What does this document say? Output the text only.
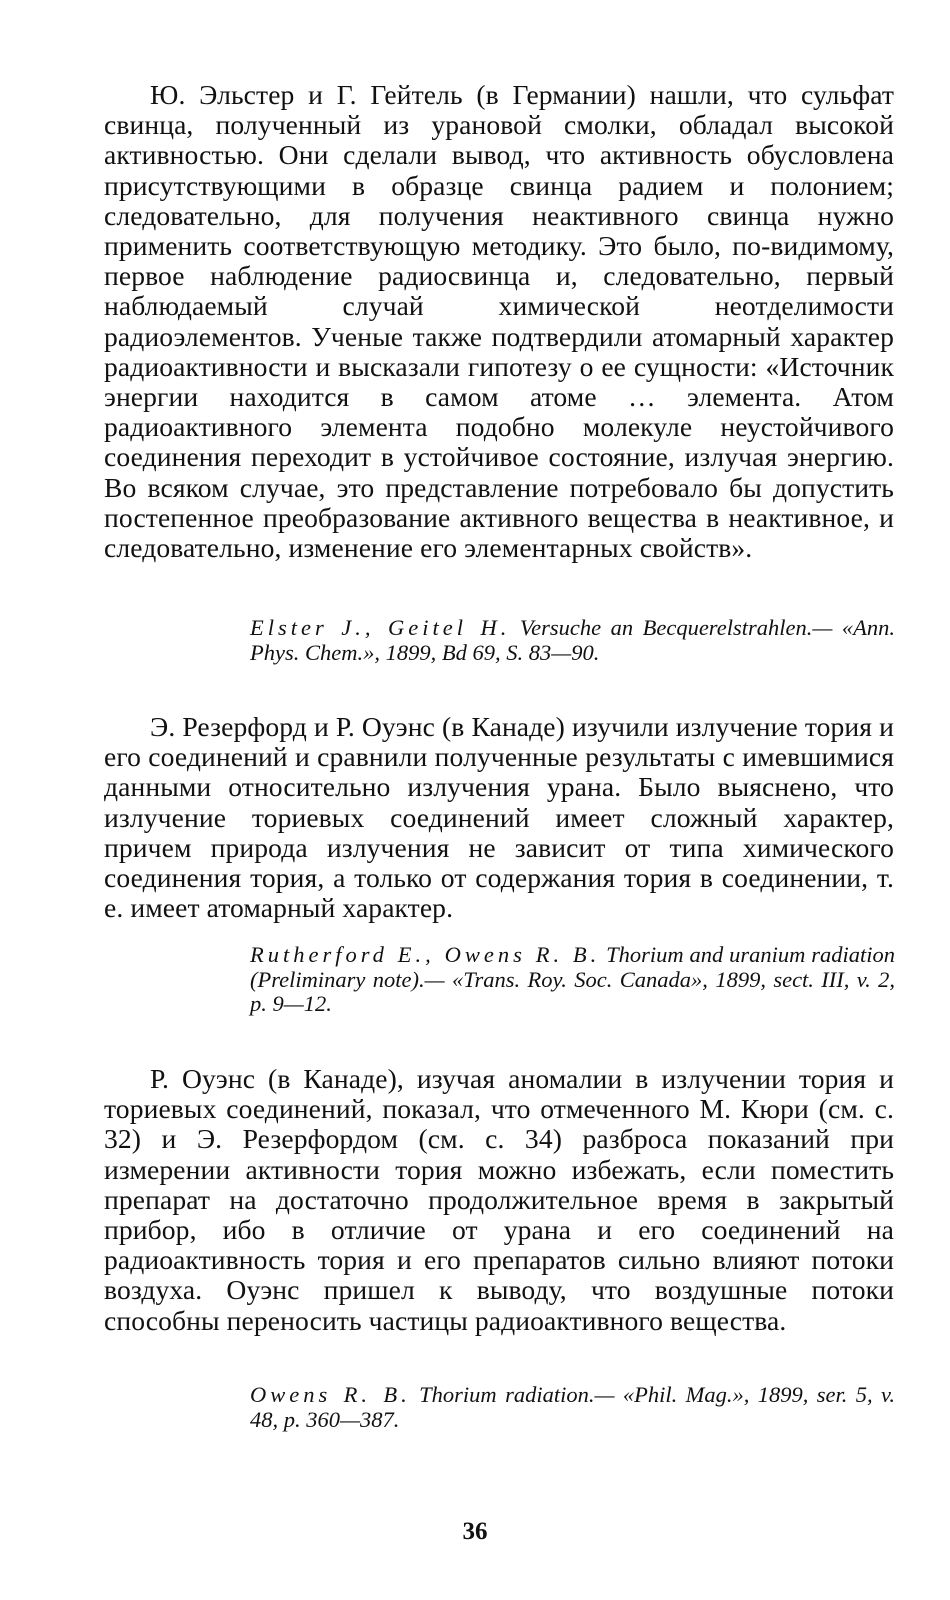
Ю. Эльстер и Г. Гейтель (в Германии) нашли, что сульфат свинца, полученный из урановой смолки, обладал высокой активностью. Они сделали вывод, что активность обусловлена присутствующими в образце свинца радием и полонием; следовательно, для получения неактивного свинца нужно применить соответствующую методику. Это было, по-видимому, первое наблюдение радиосвинца и, следовательно, первый наблюдаемый случай химической неотделимости радиоэлементов. Ученые также подтвердили атомарный характер радиоактивности и высказали гипотезу о ее сущности: «Источник энергии находится в самом атоме … элемента. Атом радиоактивного элемента подобно молекуле неустойчивого соединения переходит в устойчивое состояние, излучая энергию. Во всяком случае, это представление потребовало бы допустить постепенное преобразование активного вещества в неактивное, и следовательно, изменение его элементарных свойств».

Elster J., Geitel H. Versuche an Becquerelstrahlen.— «Ann. Phys. Chem.», 1899, Bd 69, S. 83—90.

Э. Резерфорд и Р. Оуэнс (в Канаде) изучили излучение тория и его соединений и сравнили полученные результаты с имевшимися данными относительно излучения урана. Было выяснено, что излучение ториевых соединений имеет сложный характер, причем природа излучения не зависит от типа химического соединения тория, а только от содержания тория в соединении, т. е. имеет атомарный характер.

Rutherford E., Owens R. B. Thorium and uranium radiation (Preliminary note).— «Trans. Roy. Soc. Canada», 1899, sect. III, v. 2, p. 9—12.

Р. Оуэнс (в Канаде), изучая аномалии в излучении тория и ториевых соединений, показал, что отмеченного М. Кюри (см. с. 32) и Э. Резерфордом (см. с. 34) разброса показаний при измерении активности тория можно избежать, если поместить препарат на достаточно продолжительное время в закрытый прибор, ибо в отличие от урана и его соединений на радиоактивность тория и его препаратов сильно влияют потоки воздуха. Оуэнс пришел к выводу, что воздушные потоки способны переносить частицы радиоактивного вещества.

Owens R. B. Thorium radiation.— «Phil. Mag.», 1899, ser. 5, v. 48, p. 360—387.

36
